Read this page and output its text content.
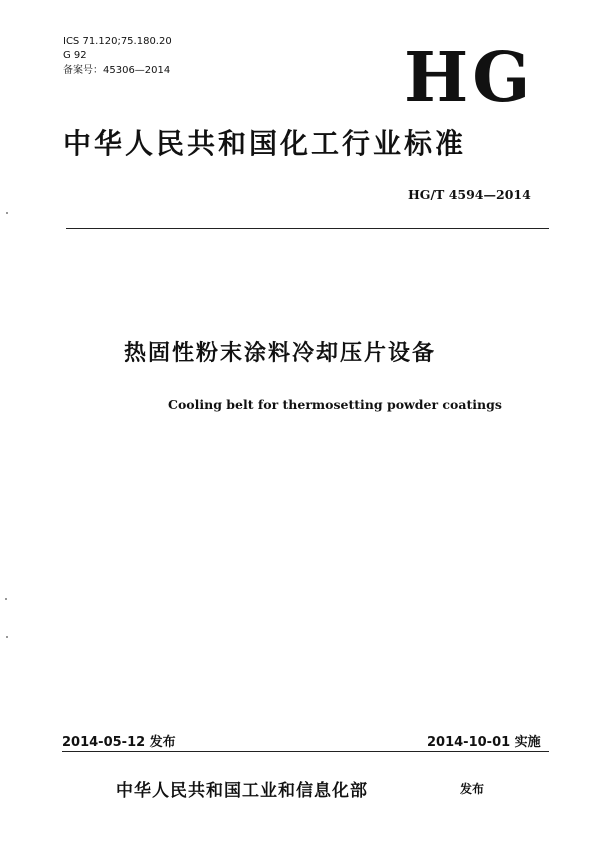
ICS 71.120;75.180.20
G 92
备案号：45306—2014	HG
中华人民共和国化工行业标准
HG/T 4594—2014
热固性粉末涂料冷却压片设备
Cooling belt for thermosetting powder coatings
2014-05-12 发布	2014-10-01 实施
中华人民共和国工业和信息化部	发布
